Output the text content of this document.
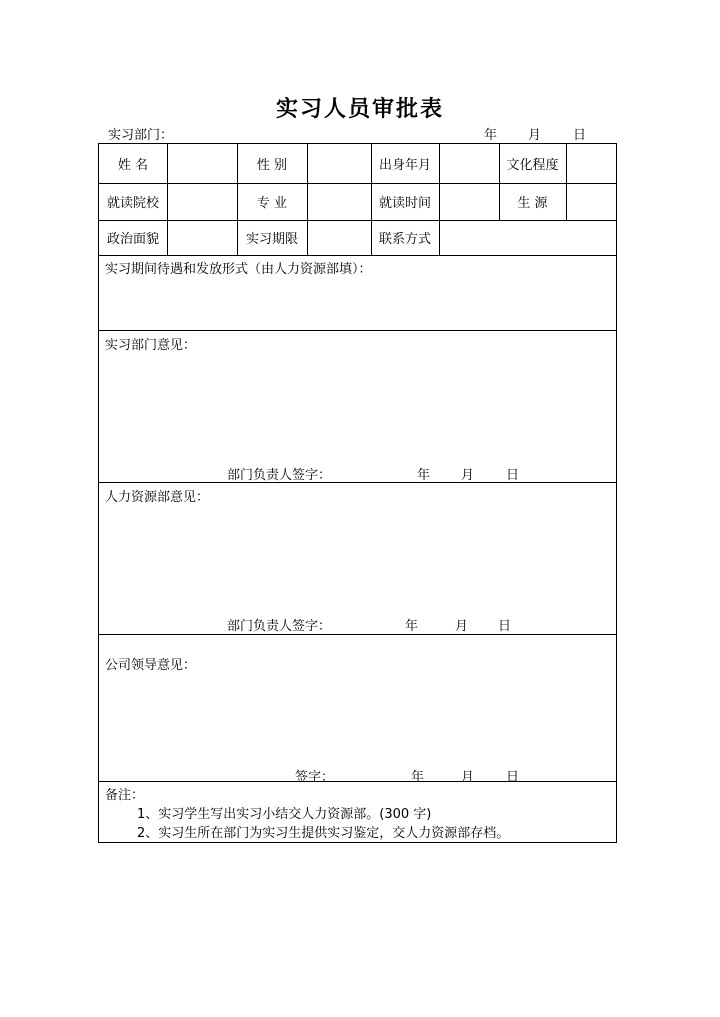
实习人员审批表
实习部门：	年 月 日
姓 名	性 别	出身年月	文化程度
就读院校	专 业	就读时间	生 源
政治面貌	实习期限	联系方式
实习期间待遇和发放形式（由人力资源部填）：
实习部门意见：
部门负责人签字：	年 月 日
人力资源部意见：
部门负责人签字：	年	月 日
公司领导意见：
签字：	年	月 日
备注：
1、实习学生写出实习小结交人力资源部。(300 字)
2、实习生所在部门为实习生提供实习鉴定，交人力资源部存档。
